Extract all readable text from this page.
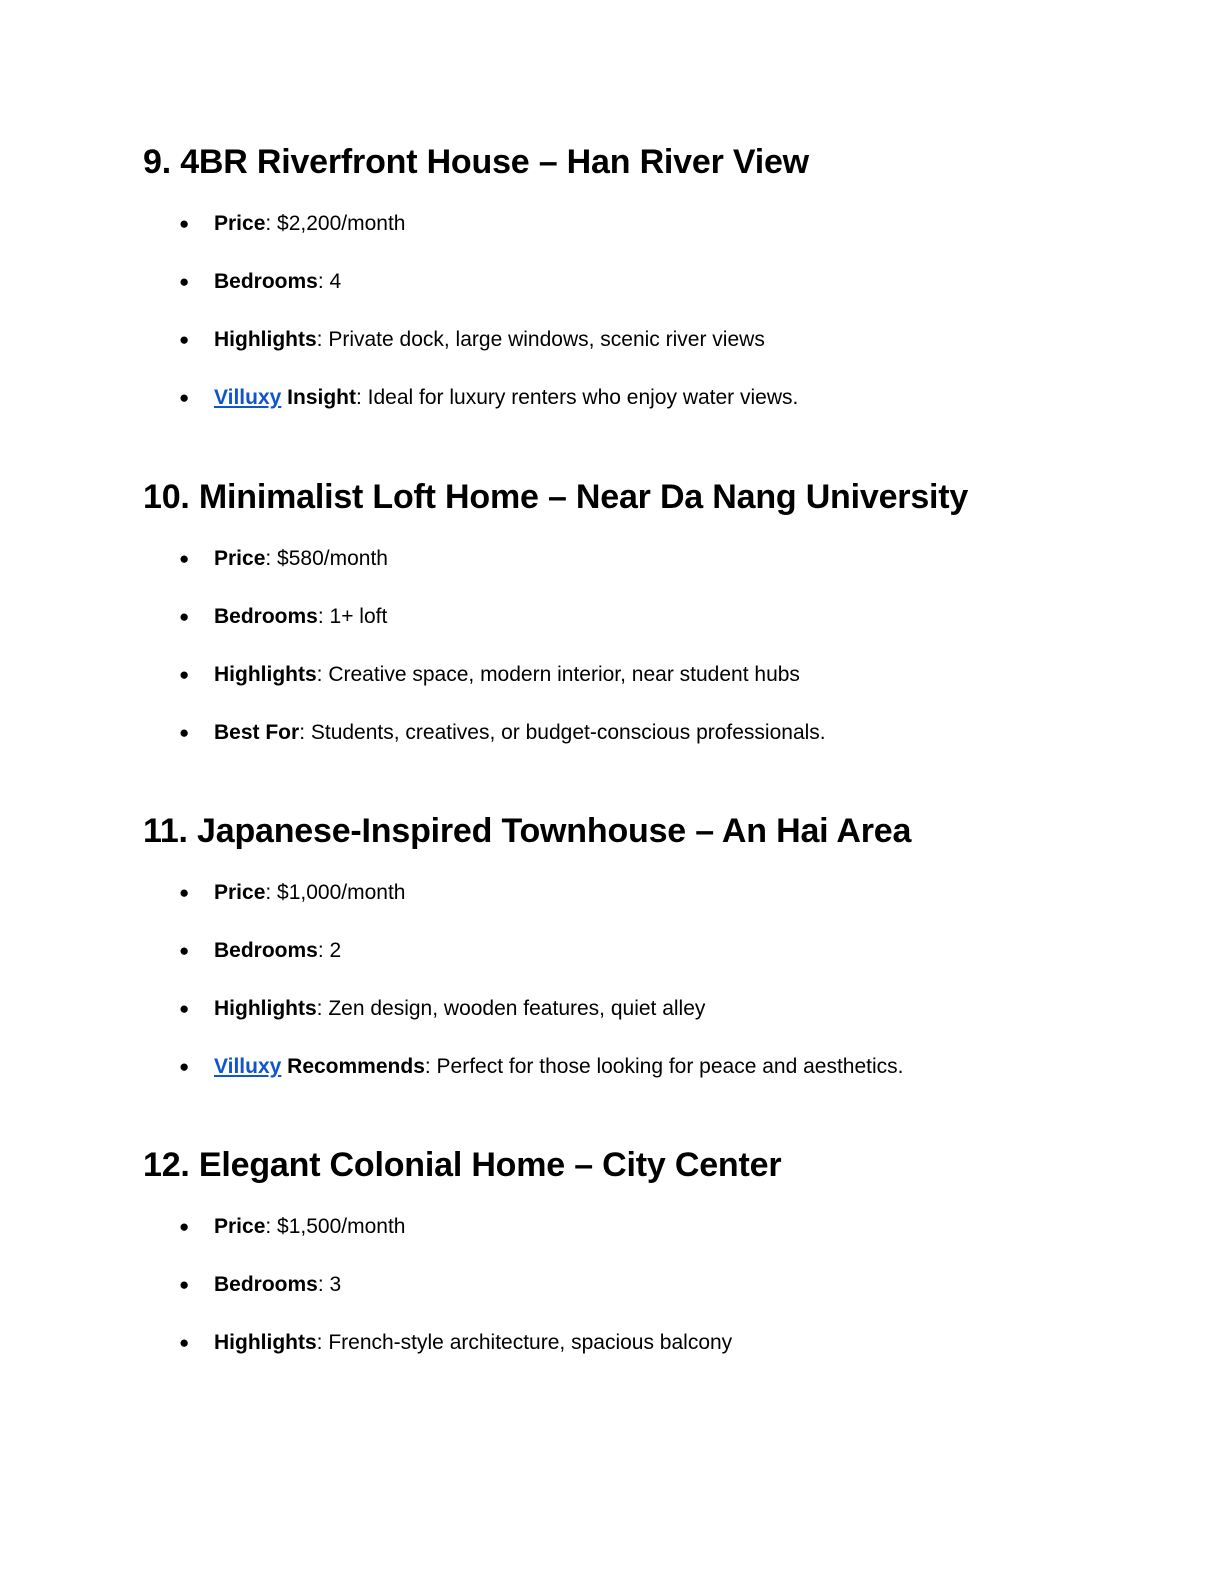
9. 4BR Riverfront House – Han River View
● Price: $2,200/month
● Bedrooms: 4
● Highlights: Private dock, large windows, scenic river views
● Villuxy Insight: Ideal for luxury renters who enjoy water views.
10. Minimalist Loft Home – Near Da Nang University
● Price: $580/month
● Bedrooms: 1+ loft
● Highlights: Creative space, modern interior, near student hubs
● Best For: Students, creatives, or budget-conscious professionals.
11. Japanese-Inspired Townhouse – An Hai Area
● Price: $1,000/month
● Bedrooms: 2
● Highlights: Zen design, wooden features, quiet alley
● Villuxy Recommends: Perfect for those looking for peace and aesthetics.
12. Elegant Colonial Home – City Center
● Price: $1,500/month
● Bedrooms: 3
● Highlights: French-style architecture, spacious balcony
